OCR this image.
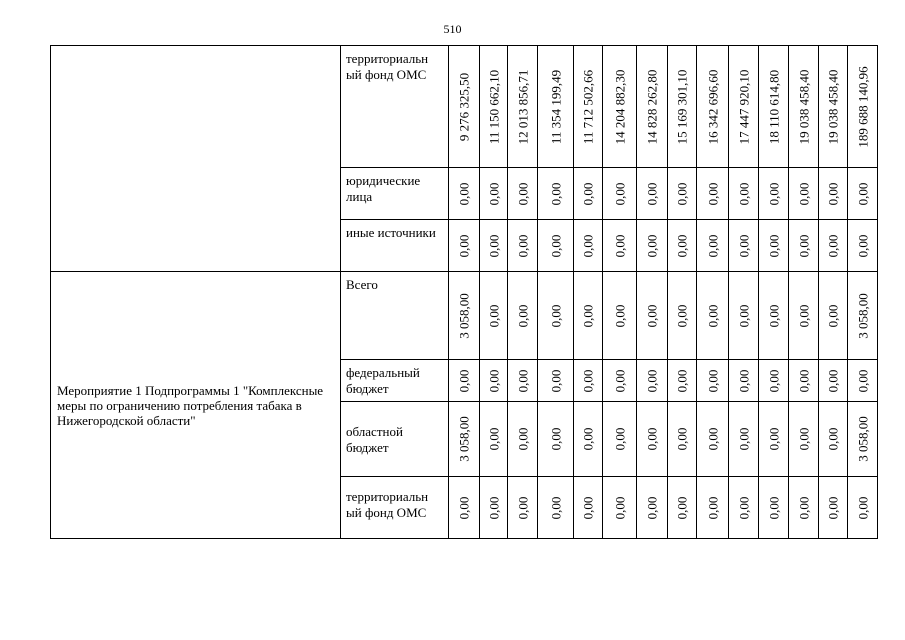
510
	территориальн ый фонд ОМС	9 276 325,50	11 150 662,10	12 013 856,71	11 354 199,49	11 712 502,66	14 204 882,30	14 828 262,80	15 169 301,10	16 342 696,60	17 447 920,10	18 110 614,80	19 038 458,40	19 038 458,40	189 688 140,96

	юридические лица	0,00	0,00	0,00	0,00	0,00	0,00	0,00	0,00	0,00	0,00	0,00	0,00	0,00	0,00

	иные источники	0,00	0,00	0,00	0,00	0,00	0,00	0,00	0,00	0,00	0,00	0,00	0,00	0,00	0,00

Мероприятие 1 Подпрограммы 1 "Комплексные меры по ограничению потребления табака в Нижегородской области"	Всего	3 058,00	0,00	0,00	0,00	0,00	0,00	0,00	0,00	0,00	0,00	0,00	0,00	0,00	3 058,00

	федеральный бюджет	0,00	0,00	0,00	0,00	0,00	0,00	0,00	0,00	0,00	0,00	0,00	0,00	0,00	0,00

	областной бюджет	3 058,00	0,00	0,00	0,00	0,00	0,00	0,00	0,00	0,00	0,00	0,00	0,00	0,00	3 058,00

	территориальн ый фонд ОМС	0,00	0,00	0,00	0,00	0,00	0,00	0,00	0,00	0,00	0,00	0,00	0,00	0,00	0,00
